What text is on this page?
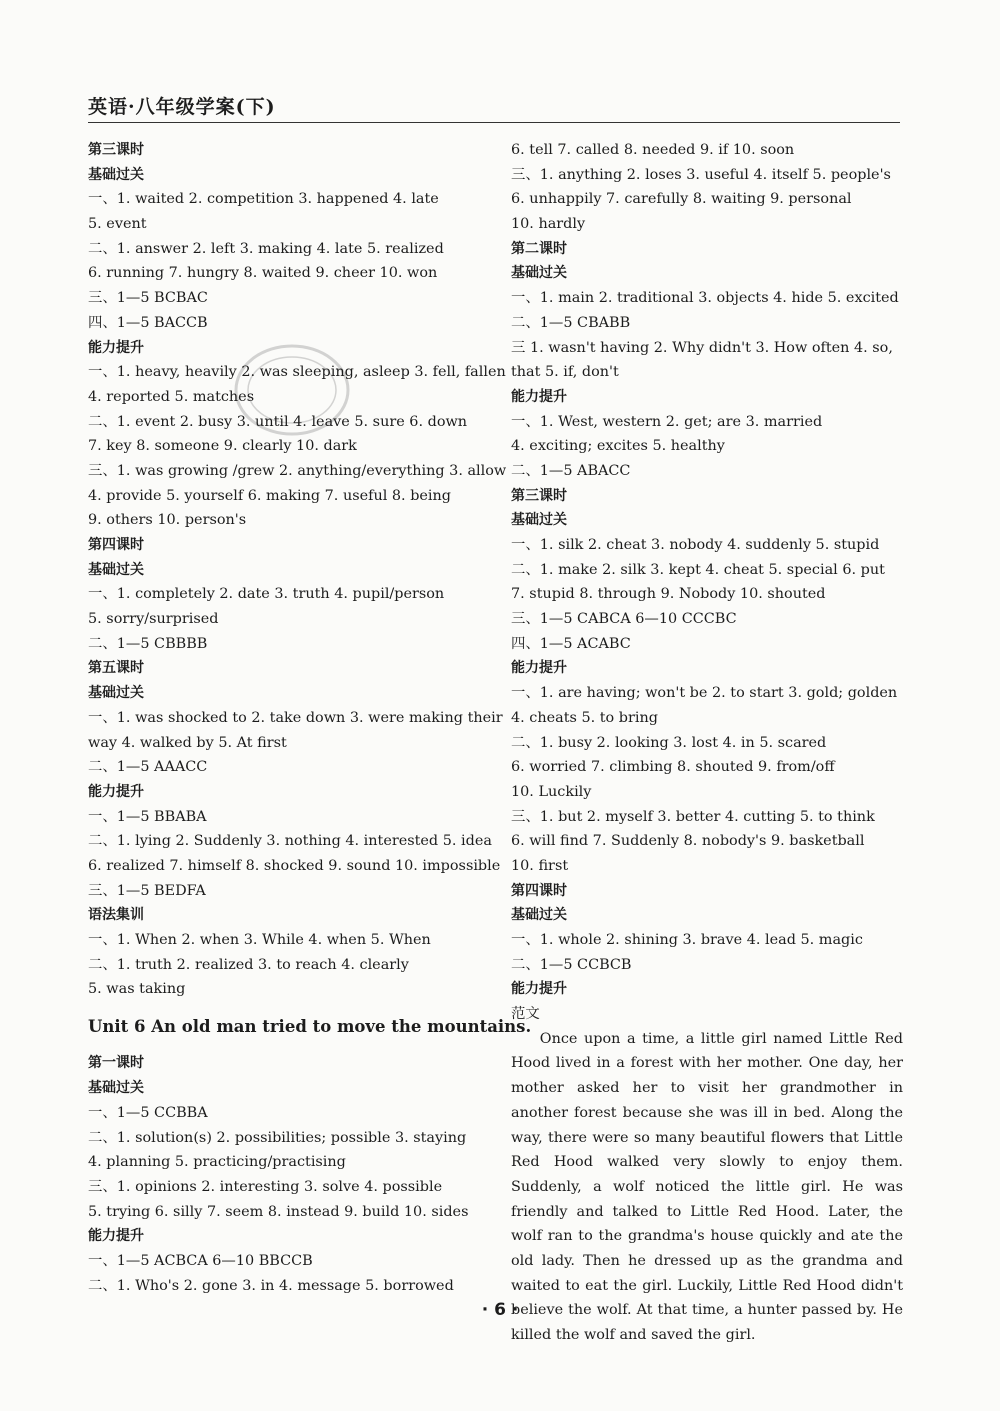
英语·八年级学案(下)
第三课时
基础过关
一、1. waited 2. competition 3. happened 4. late
5. event
二、1. answer 2. left 3. making 4. late 5. realized
6. running 7. hungry 8. waited 9. cheer 10. won
三、1—5 BCBAC
四、1—5 BACCB
能力提升
一、1. heavy, heavily 2. was sleeping, asleep 3. fell, fallen
4. reported 5. matches
二、1. event 2. busy 3. until 4. leave 5. sure 6. down
7. key 8. someone 9. clearly 10. dark
三、1. was growing /grew 2. anything/everything 3. allow
4. provide 5. yourself 6. making 7. useful 8. being
9. others 10. person's
第四课时
基础过关
一、1. completely 2. date 3. truth 4. pupil/person
5. sorry/surprised
二、1—5 CBBBB
第五课时
基础过关
一、1. was shocked to 2. take down 3. were making their
way 4. walked by 5. At first
二、1—5 AAACC
能力提升
一、1—5 BBABA
二、1. lying 2. Suddenly 3. nothing 4. interested 5. idea
6. realized 7. himself 8. shocked 9. sound 10. impossible
三、1—5 BEDFA
语法集训
一、1. When 2. when 3. While 4. when 5. When
二、1. truth 2. realized 3. to reach 4. clearly
5. was taking
Unit 6 An old man tried to move the mountains.
第一课时
基础过关
一、1—5 CCBBA
二、1. solution(s) 2. possibilities; possible 3. staying
4. planning 5. practicing/practising
三、1. opinions 2. interesting 3. solve 4. possible
5. trying 6. silly 7. seem 8. instead 9. build 10. sides
能力提升
一、1—5 ACBCA 6—10 BBCCB
二、1. Who's 2. gone 3. in 4. message 5. borrowed
6. tell 7. called 8. needed 9. if 10. soon
三、1. anything 2. loses 3. useful 4. itself 5. people's
6. unhappily 7. carefully 8. waiting 9. personal
10. hardly
第二课时
基础过关
一、1. main 2. traditional 3. objects 4. hide 5. excited
二、1—5 CBABB
三 1. wasn't having 2. Why didn't 3. How often 4. so,
that 5. if, don't
能力提升
一、1. West, western 2. get; are 3. married
4. exciting; excites 5. healthy
二、1—5 ABACC
第三课时
基础过关
一、1. silk 2. cheat 3. nobody 4. suddenly 5. stupid
二、1. make 2. silk 3. kept 4. cheat 5. special 6. put
7. stupid 8. through 9. Nobody 10. shouted
三、1—5 CABCA 6—10 CCCBC
四、1—5 ACABC
能力提升
一、1. are having; won't be 2. to start 3. gold; golden
4. cheats 5. to bring
二、1. busy 2. looking 3. lost 4. in 5. scared
6. worried 7. climbing 8. shouted 9. from/off
10. Luckily
三、1. but 2. myself 3. better 4. cutting 5. to think
6. will find 7. Suddenly 8. nobody's 9. basketball
10. first
第四课时
基础过关
一、1. whole 2. shining 3. brave 4. lead 5. magic
二、1—5 CCBCB
能力提升
范文

Once upon a time, a little girl named Little Red Hood lived in a forest with her mother. One day, her mother asked her to visit her grandmother in another forest because she was ill in bed. Along the way, there were so many beautiful flowers that Little Red Hood walked very slowly to enjoy them. Suddenly, a wolf noticed the little girl. He was friendly and talked to Little Red Hood. Later, the wolf ran to the grandma's house quickly and ate the old lady. Then he dressed up as the grandma and waited to eat the girl. Luckily, Little Red Hood didn't believe the wolf. At that time, a hunter passed by. He killed the wolf and saved the girl.

· 6 ·
